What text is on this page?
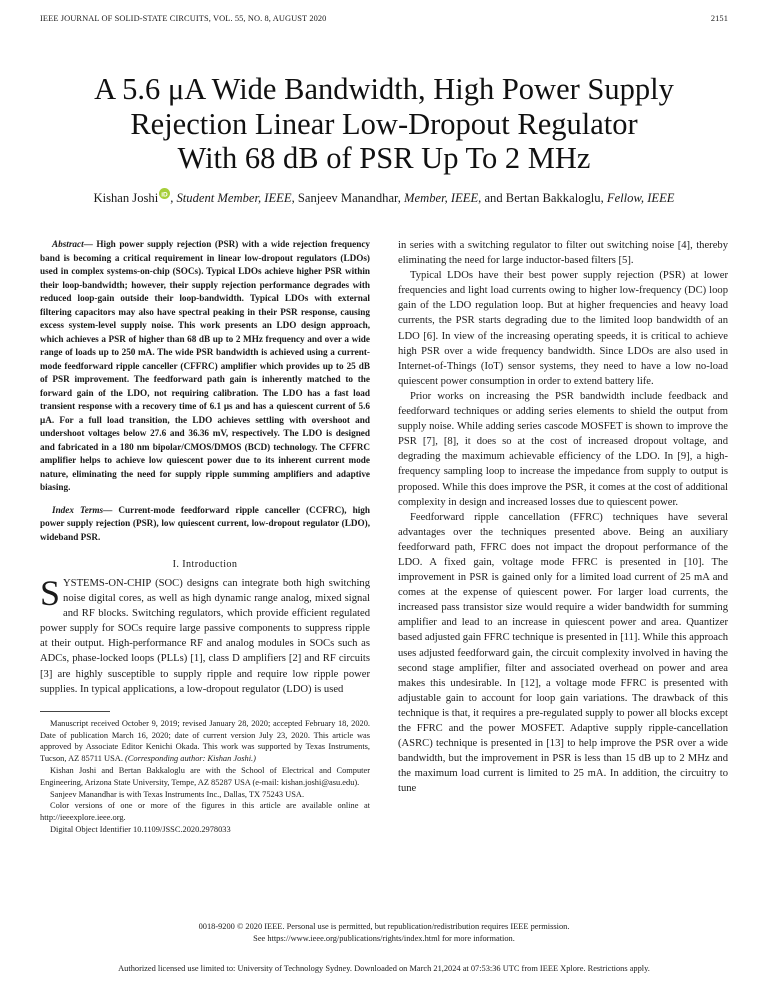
IEEE JOURNAL OF SOLID-STATE CIRCUITS, VOL. 55, NO. 8, AUGUST 2020	2151
A 5.6 μA Wide Bandwidth, High Power Supply
Rejection Linear Low-Dropout Regulator
With 68 dB of PSR Up To 2 MHz
Kishan Joshi iD , Student Member, IEEE, Sanjeev Manandhar, Member, IEEE, and Bertan Bakkaloglu, Fellow, IEEE

Abstract— High power supply rejection (PSR) with a wide rejection frequency band is becoming a critical requirement in linear low-dropout regulators (LDOs) used in complex systems-on-chip (SOCs). Typical LDOs achieve higher PSR within their loop-bandwidth; however, their supply rejection performance degrades with reduced loop-gain outside their loop-bandwidth. Typical LDOs with external filtering capacitors may also have spectral peaking in their PSR response, causing excess system-level supply noise. This work presents an LDO design approach, which achieves a PSR of higher than 68 dB up to 2 MHz frequency and over a wide range of loads up to 250 mA. The wide PSR bandwidth is achieved using a current-mode feedforward ripple canceller (CFFRC) amplifier which provides up to 25 dB of PSR improvement. The feedforward path gain is inherently matched to the forward gain of the LDO, not requiring calibration. The LDO has a fast load transient response with a recovery time of 6.1 μs and has a quiescent current of 5.6 μA. For a full load transition, the LDO achieves settling with overshoot and undershoot voltages below 27.6 and 36.36 mV, respectively. The LDO is designed and fabricated in a 180 nm bipolar/CMOS/DMOS (BCD) technology. The CFFRC amplifier helps to achieve low quiescent power due to its inherent current mode nature, eliminating the need for supply ripple summing amplifiers and adaptive biasing.

Index Terms— Current-mode feedforward ripple canceller (CCFRC), high power supply rejection (PSR), low quiescent current, low-dropout regulator (LDO), wideband PSR.

I. Introduction

SYSTEMS-ON-CHIP (SOC) designs can integrate both high switching noise digital cores, as well as high dynamic range analog, mixed signal and RF blocks. Switching regulators, which provide efficient regulated power supply for SOCs require large passive components to suppress ripple at their output. High-performance RF and analog modules in SOCs such as ADCs, phase-locked loops (PLLs) [1], class D amplifiers [2] and RF circuits [3] are highly susceptible to supply ripple and require low ripple power supplies. In typical applications, a low-dropout regulator (LDO) is used

Manuscript received October 9, 2019; revised January 28, 2020; accepted February 18, 2020. Date of publication March 16, 2020; date of current version July 23, 2020. This article was approved by Associate Editor Kenichi Okada. This work was supported by Texas Instruments, Tucson, AZ 85711 USA. (Corresponding author: Kishan Joshi.)

Kishan Joshi and Bertan Bakkaloglu are with the School of Electrical and Computer Engineering, Arizona State University, Tempe, AZ 85287 USA (e-mail: kishan.joshi@asu.edu).

Sanjeev Manandhar is with Texas Instruments Inc., Dallas, TX 75243 USA.

Color versions of one or more of the figures in this article are available online at http://ieeexplore.ieee.org.

Digital Object Identifier 10.1109/JSSC.2020.2978033

in series with a switching regulator to filter out switching noise [4], thereby eliminating the need for large inductor-based filters [5].

Typical LDOs have their best power supply rejection (PSR) at lower frequencies and light load currents owing to higher low-frequency (DC) loop gain of the LDO regulation loop. But at higher frequencies and heavy load currents, the PSR starts degrading due to the limited loop bandwidth of an LDO [6]. In view of the increasing operating speeds, it is critical to achieve high PSR over a wide frequency bandwidth. Since LDOs are also used in Internet-of-Things (IoT) sensor systems, they need to have a low no-load quiescent power consumption in order to extend battery life.

Prior works on increasing the PSR bandwidth include feedback and feedforward techniques or adding series elements to shield the output from supply noise. While adding series cascode MOSFET is shown to improve the PSR [7], [8], it does so at the cost of increased dropout voltage, and degrading the maximum achievable efficiency of the LDO. In [9], a high-frequency sampling loop to increase the impedance from supply to output is proposed. While this does improve the PSR, it comes at the cost of additional complexity in design and increased losses due to quiescent power.

Feedforward ripple cancellation (FFRC) techniques have several advantages over the techniques presented above. Being an auxiliary feedforward path, FFRC does not impact the dropout performance of the LDO. A fixed gain, voltage mode FFRC is presented in [10]. The improvement in PSR is gained only for a limited load current of 25 mA and comes at the expense of quiescent power. For larger load currents, the increased pass transistor size would require a wider bandwidth for summing amplifier and lead to an increase in quiescent power and area. Quantizer based adjusted gain FFRC technique is presented in [11]. While this approach uses adjusted feedforward gain, the circuit complexity involved in having the second stage amplifier, filter and associated overhead on power and area makes this undesirable. In [12], a voltage mode FFRC is presented with adjustable gain to account for loop gain variations. The drawback of this technique is that, it requires a pre-regulated supply to power all blocks except the FFRC and the power MOSFET. Adaptive supply ripple-cancellation (ASRC) technique is presented in [13] to help improve the PSR over a wide bandwidth, but the improvement in PSR is less than 15 dB up to 2 MHz and the maximum load current is limited to 25 mA. In addition, the circuitry to tune

0018-9200 © 2020 IEEE. Personal use is permitted, but republication/redistribution requires IEEE permission.
See https://www.ieee.org/publications/rights/index.html for more information.
Authorized licensed use limited to: University of Technology Sydney. Downloaded on March 21,2024 at 07:53:36 UTC from IEEE Xplore. Restrictions apply.
